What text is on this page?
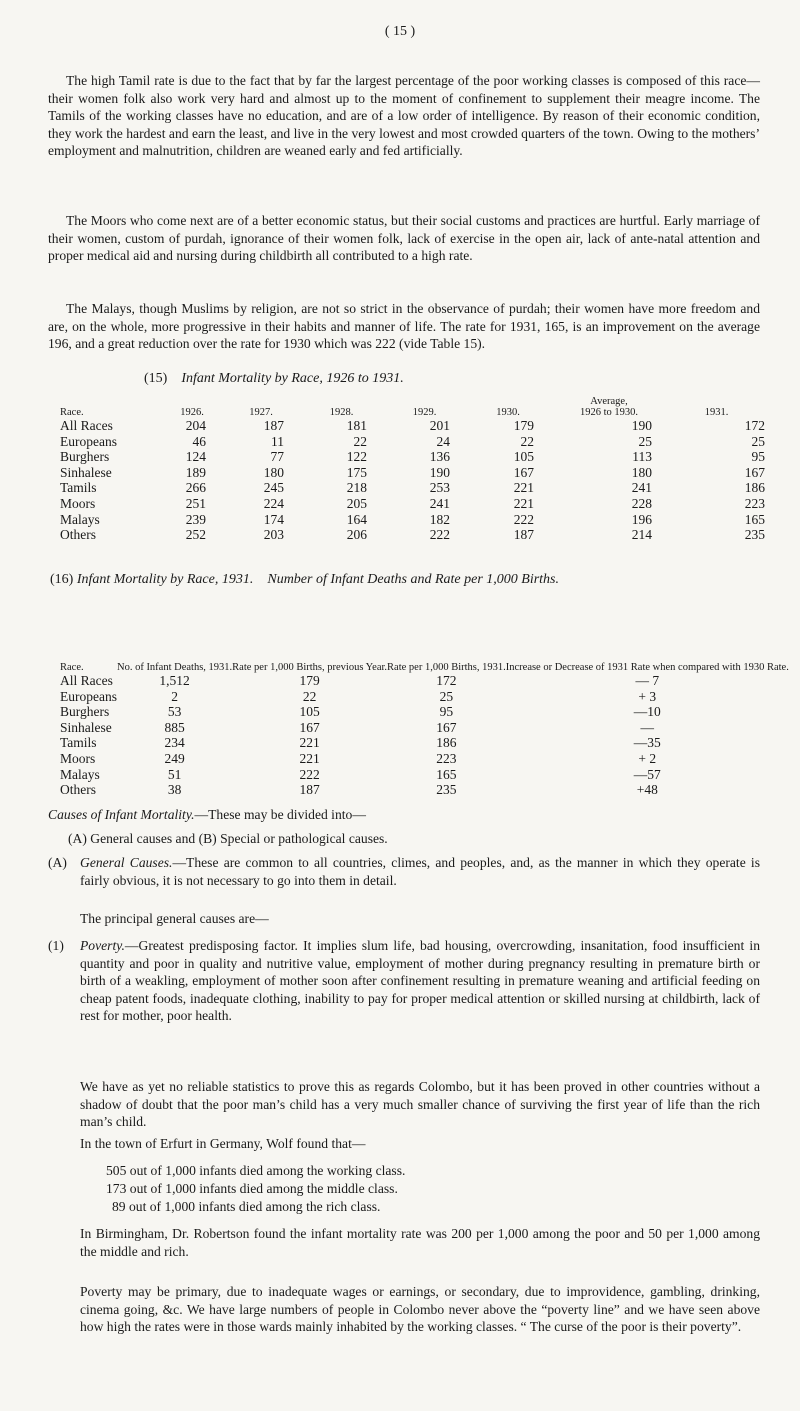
( 15 )

The high Tamil rate is due to the fact that by far the largest percentage of the poor working classes is composed of this race—their women folk also work very hard and almost up to the moment of confinement to supplement their meagre income. The Tamils of the working classes have no education, and are of a low order of intelligence. By reason of their economic condition, they work the hardest and earn the least, and live in the very lowest and most crowded quarters of the town. Owing to the mothers’ employment and malnutrition, children are weaned early and fed artificially.

The Moors who come next are of a better economic status, but their social customs and practices are hurtful. Early marriage of their women, custom of purdah, ignorance of their women folk, lack of exercise in the open air, lack of ante-natal attention and proper medical aid and nursing during childbirth all contributed to a high rate.

The Malays, though Muslims by religion, are not so strict in the observance of purdah; their women have more freedom and are, on the whole, more progressive in their habits and manner of life. The rate for 1931, 165, is an improvement on the average 196, and a great reduction over the rate for 1930 which was 222 (vide Table 15).

(15) Infant Mortality by Race, 1926 to 1931.
Race.	1926.	1927.	1928.	1929.	1930.	Average,
1926 to 1930.	1931.
All Races	204	187	181	201	179	190	172
Europeans	46	11	22	24	22	25	25
Burghers	124	77	122	136	105	113	95
Sinhalese	189	180	175	190	167	180	167
Tamils	266	245	218	253	221	241	186
Moors	251	224	205	241	221	228	223
Malays	239	174	164	182	222	196	165
Others	252	203	206	222	187	214	235
(16) Infant Mortality by Race, 1931. Number of Infant Deaths and Rate per 1,000 Births.
Race.	No. of Infant Deaths, 1931.		Rate per 1,000 Births, previous Year.		Rate per 1,000 Births, 1931.		Increase or Decrease of 1931 Rate when compared with 1930 Rate.
All Races	1,512		179		172		— 7
Europeans	2		22		25		+ 3
Burghers	53		105		95		—10
Sinhalese	885		167		167		—
Tamils	234		221		186		—35
Moors	249		221		223		+ 2
Malays	51		222		165		—57
Others	38		187		235		+48
Causes of Infant Mortality.—These may be divided into—
(A) General causes and (B) Special or pathological causes.
(A) General Causes.—These are common to all countries, climes, and peoples, and, as the manner in which they operate is fairly obvious, it is not necessary to go into them in detail.
The principal general causes are—
(1)	Poverty.—Greatest predisposing factor. It implies slum life, bad housing, overcrowding, insanitation, food insufficient in quantity and poor in quality and nutritive value, employment of mother during pregnancy resulting in premature birth or birth of a weakling, employment of mother soon after confinement resulting in premature weaning and artificial feeding on cheap patent foods, inadequate clothing, inability to pay for proper medical attention or skilled nursing at childbirth, lack of rest for mother, poor health.
We have as yet no reliable statistics to prove this as regards Colombo, but it has been proved in other countries without a shadow of doubt that the poor man’s child has a very much smaller chance of surviving the first year of life than the rich man’s child.
In the town of Erfurt in Germany, Wolf found that—
505 out of 1,000 infants died among the working class.
173 out of 1,000 infants died among the middle class.
89 out of 1,000 infants died among the rich class.
In Birmingham, Dr. Robertson found the infant mortality rate was 200 per 1,000 among the poor and 50 per 1,000 among the middle and rich.
Poverty may be primary, due to inadequate wages or earnings, or secondary, due to improvidence, gambling, drinking, cinema going, &c. We have large numbers of people in Colombo never above the “poverty line” and we have seen above how high the rates were in those wards mainly inhabited by the working classes. “ The curse of the poor is their poverty”.
